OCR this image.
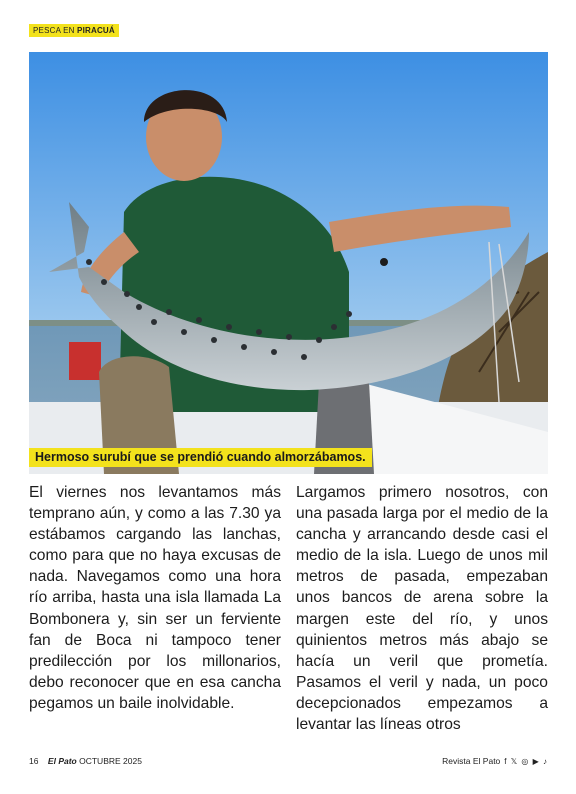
PESCA EN PIRACUÁ
Hermoso surubí que se prendió cuando almorzábamos.
El viernes nos levantamos más temprano aún, y como a las 7.30 ya estábamos cargando las lanchas, como para que no haya excusas de nada. Navegamos como una hora río arriba, hasta una isla llamada La Bombonera y, sin ser un ferviente fan de Boca ni tampoco tener predilección por los millonarios, debo reconocer que en esa cancha pegamos un baile inolvidable.
Largamos primero nosotros, con una pasada larga por el medio de la cancha y arrancando desde casi el medio de la isla. Luego de unos mil metros de pasada, empezaban unos bancos de arena sobre la margen este del río, y unos quinientos metros más abajo se hacía un veril que prometía. Pasamos el veril y nada, un poco decepcionados empezamos a levantar las líneas otros
16 El Pato OCTUBRE 2025	Revista El Pato f 𝕏 ◎ ▶ ♪
